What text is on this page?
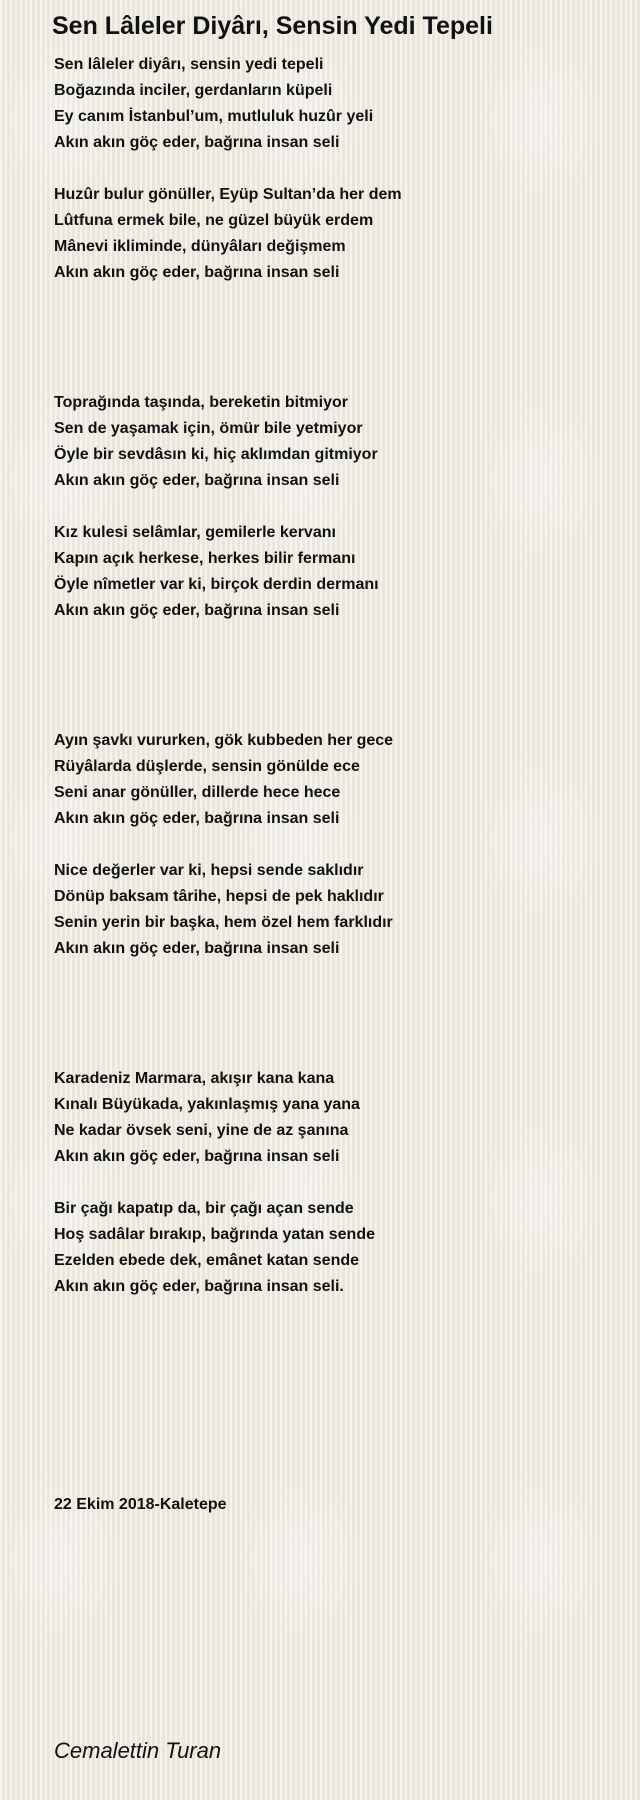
Sen Lâleler Diyârı, Sensin Yedi Tepeli
Sen lâleler diyârı, sensin yedi tepeli
Boğazında inciler, gerdanların küpeli
Ey canım İstanbul’um, mutluluk huzûr yeli
Akın akın göç eder, bağrına insan seli
Huzûr bulur gönüller, Eyüp Sultan’da her dem
Lûtfuna ermek bile, ne güzel büyük erdem
Mânevi ikliminde, dünyâları değişmem
Akın akın göç eder, bağrına insan seli
Toprağında taşında, bereketin bitmiyor
Sen de yaşamak için, ömür bile yetmiyor
Öyle bir sevdâsın ki, hiç aklımdan gitmiyor
Akın akın göç eder, bağrına insan seli
Kız kulesi selâmlar, gemilerle kervanı
Kapın açık herkese, herkes bilir fermanı
Öyle nîmetler var ki, birçok derdin dermanı
Akın akın göç eder, bağrına insan seli
Ayın şavkı vururken, gök kubbeden her gece
Rüyâlarda düşlerde, sensin gönülde ece
Seni anar gönüller, dillerde hece hece
Akın akın göç eder, bağrına insan seli
Nice değerler var ki, hepsi sende saklıdır
Dönüp baksam târihe, hepsi de pek haklıdır
Senin yerin bir başka, hem özel hem farklıdır
Akın akın göç eder, bağrına insan seli
Karadeniz Marmara, akışır kana kana
Kınalı Büyükada, yakınlaşmış yana yana
Ne kadar övsek seni, yine de az şanına
Akın akın göç eder, bağrına insan seli
Bir çağı kapatıp da, bir çağı açan sende
Hoş sadâlar bırakıp, bağrında yatan sende
Ezelden ebede dek, emânet katan sende
Akın akın göç eder, bağrına insan seli.
22 Ekim 2018-Kaletepe
Cemalettin Turan
